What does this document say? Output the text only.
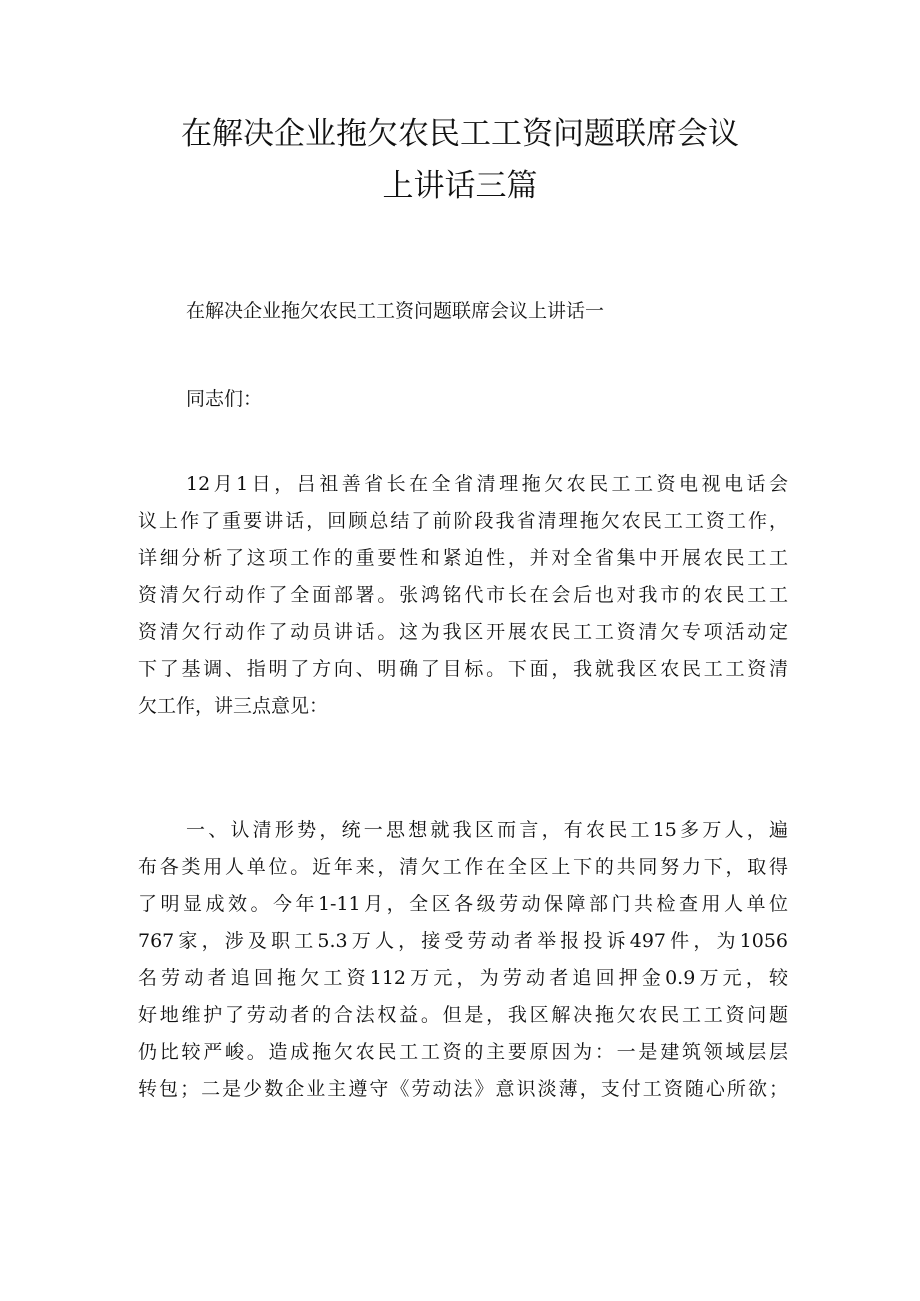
在解决企业拖欠农民工工资问题联席会议
上讲话三篇

在解决企业拖欠农民工工资问题联席会议上讲话一

同志们：

12月1日，吕祖善省长在全省清理拖欠农民工工资电视电话会
议上作了重要讲话，回顾总结了前阶段我省清理拖欠农民工工资工作，
详细分析了这项工作的重要性和紧迫性，并对全省集中开展农民工工
资清欠行动作了全面部署。张鸿铭代市长在会后也对我市的农民工工
资清欠行动作了动员讲话。这为我区开展农民工工资清欠专项活动定
下了基调、指明了方向、明确了目标。下面，我就我区农民工工资清
欠工作，讲三点意见：
一、认清形势，统一思想就我区而言，有农民工15多万人，遍
布各类用人单位。近年来，清欠工作在全区上下的共同努力下，取得
了明显成效。今年1-11月，全区各级劳动保障部门共检查用人单位
767家，涉及职工5.3万人，接受劳动者举报投诉497件，为1056
名劳动者追回拖欠工资112万元，为劳动者追回押金0.9万元，较
好地维护了劳动者的合法权益。但是，我区解决拖欠农民工工资问题
仍比较严峻。造成拖欠农民工工资的主要原因为：一是建筑领域层层
转包；二是少数企业主遵守《劳动法》意识淡薄，支付工资随心所欲；
